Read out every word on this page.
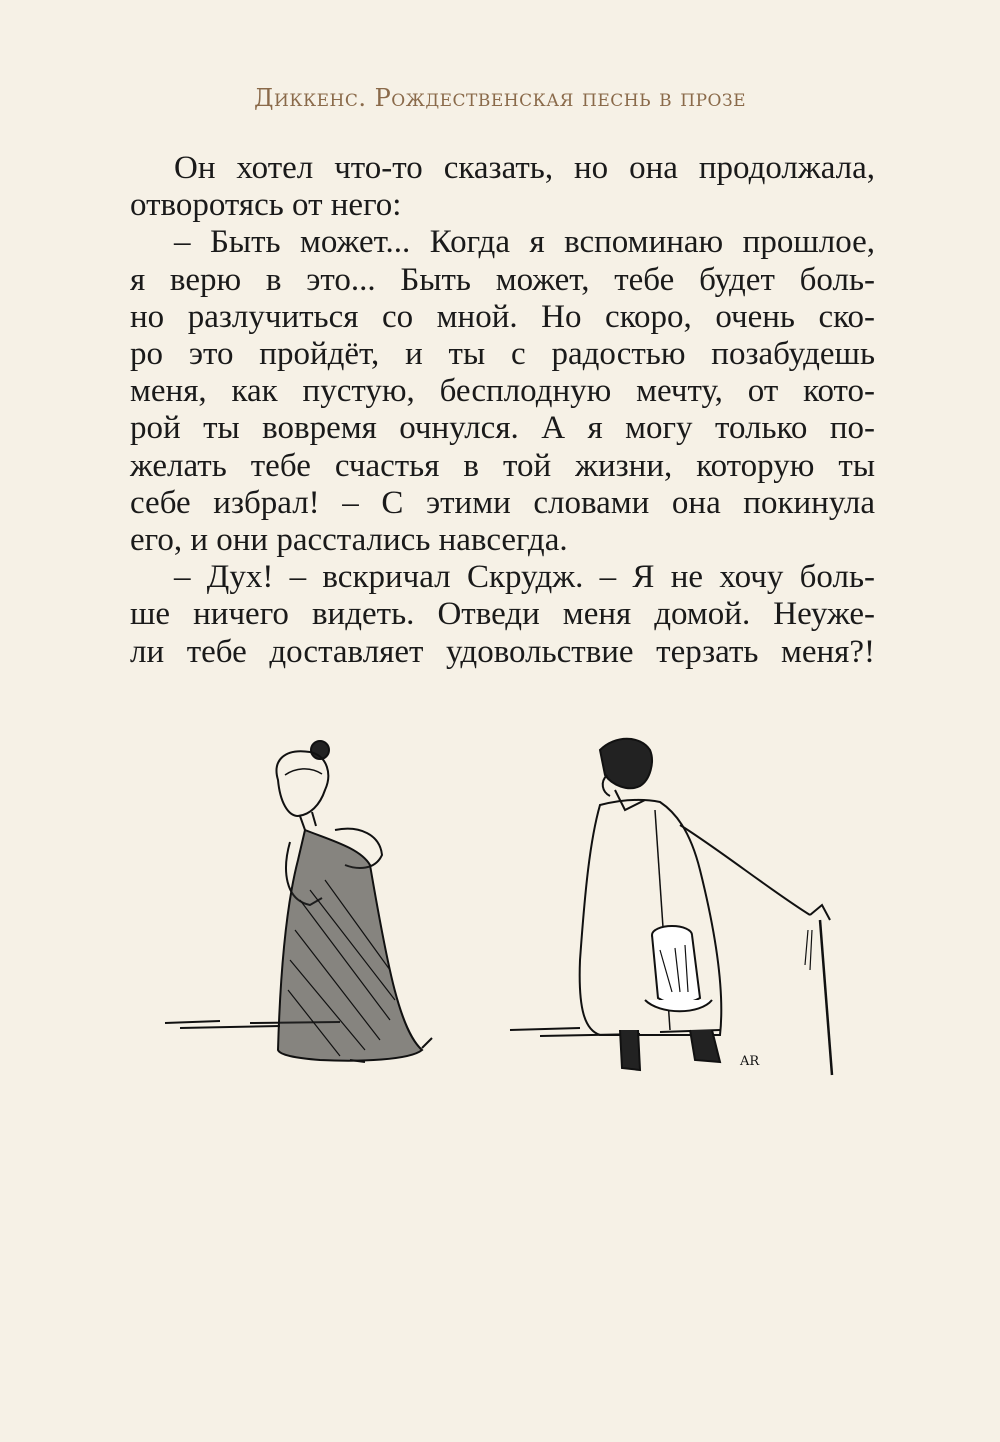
Диккенс. Рождественская песнь в прозе
Он хотел что-то сказать, но она продолжала,
отворотясь от него:
– Быть может... Когда я вспоминаю прошлое,
я верю в это... Быть может, тебе будет боль-
но разлучиться со мной. Но скоро, очень ско-
ро это пройдёт, и ты с радостью позабудешь
меня, как пустую, бесплодную мечту, от кото-
рой ты вовремя очнулся. А я могу только по-
желать тебе счастья в той жизни, которую ты
себе избрал! – С этими словами она покинула
его, и они расстались навсегда.
– Дух! – вскричал Скрудж. – Я не хочу боль-
ше ничего видеть. Отведи меня домой. Неуже-
ли тебе доставляет удовольствие терзать меня?!
AR
